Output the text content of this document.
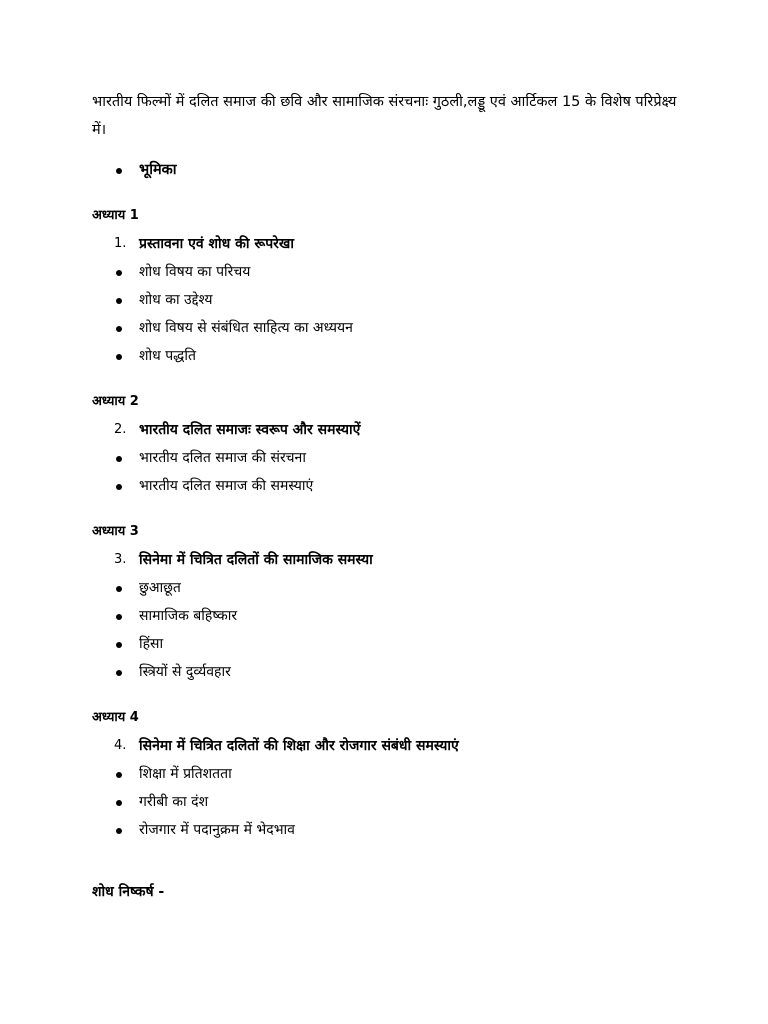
भारतीय फिल्मों में दलित समाज की छवि और सामाजिक संरचनाः गुठली,लड्डू एवं आर्टिकल 15 के विशेष परिप्रेक्ष्य में।

भूमिका

अध्याय 1

1. प्रस्तावना एवं शोध की रूपरेखा
शोध विषय का परिचय
शोध का उद्देश्य
शोध विषय से संबंधित साहित्य का अध्ययन
शोध पद्धति

अध्याय 2

2. भारतीय दलित समाजः स्वरूप और समस्याऐं
भारतीय दलित समाज की संरचना
भारतीय दलित समाज की समस्याएं

अध्याय 3

3. सिनेमा में चित्रित दलितों की सामाजिक समस्या
छुआछूत
सामाजिक बहिष्कार
हिंसा
स्त्रियों से दुर्व्यवहार

अध्याय 4

4. सिनेमा में चित्रित दलितों की शिक्षा और रोजगार संबंधी समस्याएं
शिक्षा में प्रतिशतता
गरीबी का दंश
रोजगार में पदानुक्रम में भेदभाव

शोध निष्कर्ष -
